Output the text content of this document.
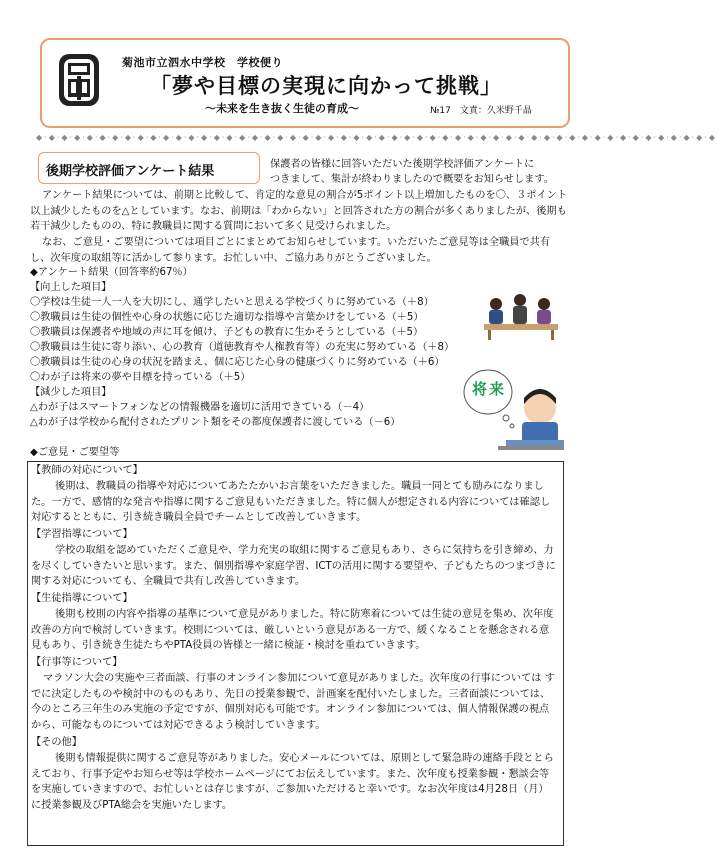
菊池市立泗水中学校　学校便り
「夢や目標の実現に向かって挑戦」
～未来を生き抜く生徒の育成～	№17　文責：久米野千晶
◆·◆·◆·◆·◆·◆·◆·◆·◆·◆·◆·◆·◆·◆·◆·◆·◆·◆·◆·◆·◆·◆·◆·◆·◆·◆·◆·◆·◆·◆·◆·◆·◆·◆·◆·◆·◆·◆·◆·◆·◆·◆·◆·◆·◆·◆·◆·◆·◆·◆·◆·◆·◆·◆
後期学校評価アンケート結果	保護者の皆様に回答いただいた後期学校評価アンケートに
つきまして、集計が終わりましたので概要をお知らせします。
アンケート結果については、前期と比較して、肯定的な意見の割合が5ポイント以上増加したものを〇、３ポイント以上減少したものを△としています。なお、前期は「わからない」と回答された方の割合が多くありましたが、後期も若干減少したものの、特に教職員に関する質問において多く見受けられました。
なお、ご意見・ご要望については項目ごとにまとめてお知らせしています。いただいたご意見等は全職員で共有し、次年度の取組等に活かして参ります。お忙しい中、ご協力ありがとうございました。
◆アンケート結果（回答率約67％）
【向上した項目】
〇学校は生徒一人一人を大切にし、通学したいと思える学校づくりに努めている（＋8）
〇教職員は生徒の個性や心身の状態に応じた適切な指導や言葉かけをしている（＋5）
〇教職員は保護者や地域の声に耳を傾け、子どもの教育に生かそうとしている（＋5）
〇教職員は生徒に寄り添い、心の教育（道徳教育や人権教育等）の充実に努めている（＋8）
〇教職員は生徒の心身の状況を踏まえ、個に応じた心身の健康づくりに努めている（＋6）
〇わが子は将来の夢や目標を持っている（＋5）
【減少した項目】
△わが子はスマートフォンなどの情報機器を適切に活用できている（－4）
△わが子は学校から配付されたプリント類をその都度保護者に渡している（－6）
◆ご意見・ご要望等
将来
【教師の対応について】
後期は、教職員の指導や対応についてあたたかいお言葉をいただきました。職員一同とても励みになりました。一方で、感情的な発言や指導に関するご意見もいただきました。特に個人が想定される内容については確認し対応するとともに、引き続き職員全員でチームとして改善していきます。
【学習指導について】
学校の取組を認めていただくご意見や、学力充実の取組に関するご意見もあり、さらに気持ちを引き締め、力を尽くしていきたいと思います。また、個別指導や家庭学習、ICTの活用に関する要望や、子どもたちのつまづきに関する対応についても、全職員で共有し改善していきます。
【生徒指導について】
後期も校則の内容や指導の基準について意見がありました。特に防寒着については生徒の意見を集め、次年度改善の方向で検討していきます。校則については、厳しいという意見がある一方で、緩くなることを懸念される意見もあり、引き続き生徒たちやPTA役員の皆様と一緒に検証・検討を重ねていきます。
【行事等について】
マラソン大会の実施や三者面談、行事のオンライン参加について意見がありました。次年度の行事については すでに決定したものや検討中のものもあり、先日の授業参観で、計画案を配付いたしました。三者面談については、今のところ三年生のみ実施の予定ですが、個別対応も可能です。オンライン参加については、個人情報保護の視点から、可能なものについては対応できるよう検討していきます。
【その他】
後期も情報提供に関するご意見等がありました。安心メールについては、原則として緊急時の連絡手段ととらえており、行事予定やお知らせ等は学校ホームページにてお伝えしています。また、次年度も授業参観・懇談会等を実施していきますので、お忙しいとは存じますが、ご参加いただけると幸いです。なお次年度は4月28日（月）に授業参観及びPTA総会を実施いたします。
